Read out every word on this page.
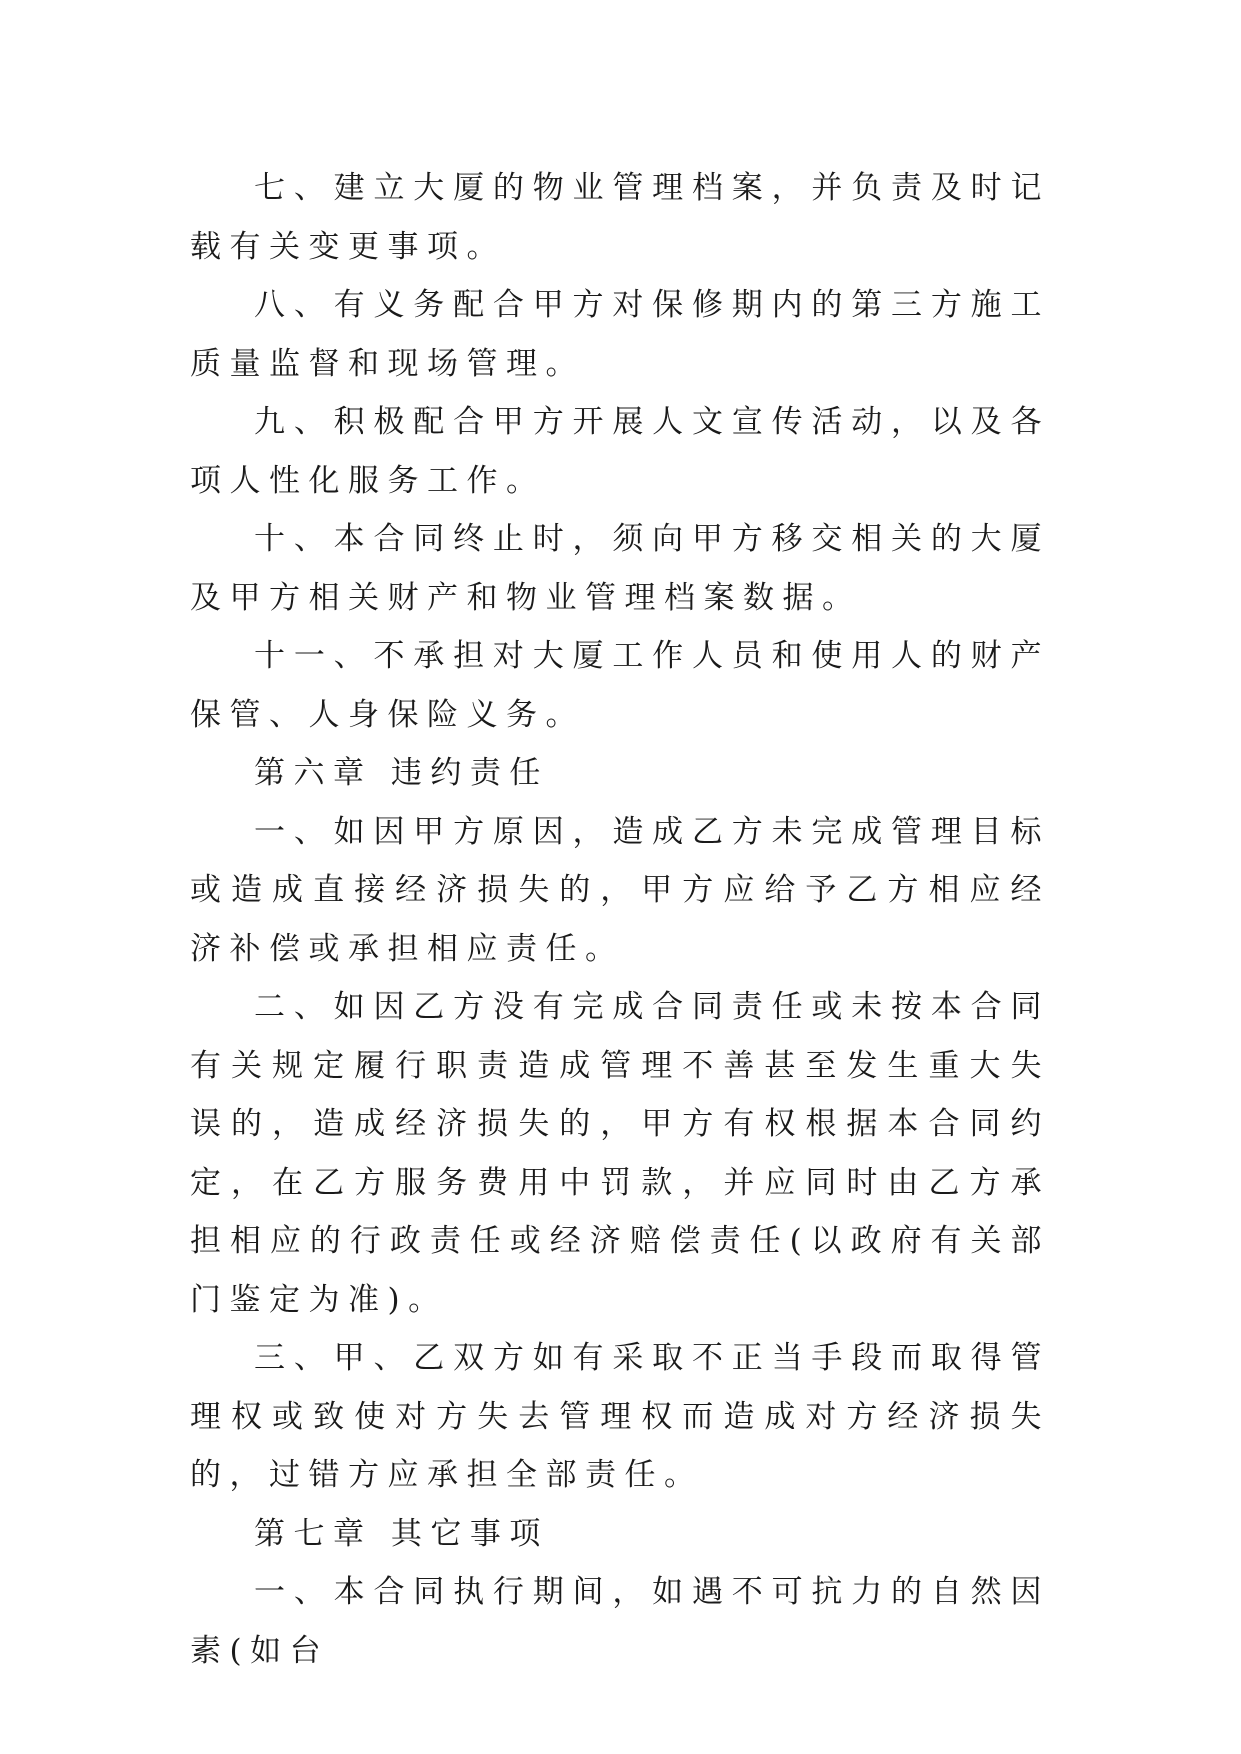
七、建立大厦的物业管理档案，并负责及时记载有关变更事项。

八、有义务配合甲方对保修期内的第三方施工质量监督和现场管理。

九、积极配合甲方开展人文宣传活动，以及各项人性化服务工作。

十、本合同终止时，须向甲方移交相关的大厦及甲方相关财产和物业管理档案数据。

十一、不承担对大厦工作人员和使用人的财产保管、人身保险义务。

第六章 违约责任

一、如因甲方原因，造成乙方未完成管理目标或造成直接经济损失的，甲方应给予乙方相应经济补偿或承担相应责任。

二、如因乙方没有完成合同责任或未按本合同有关规定履行职责造成管理不善甚至发生重大失误的，造成经济损失的，甲方有权根据本合同约定，在乙方服务费用中罚款，并应同时由乙方承担相应的行政责任或经济赔偿责任(以政府有关部门鉴定为准)。

三、甲、乙双方如有采取不正当手段而取得管理权或致使对方失去管理权而造成对方经济损失的，过错方应承担全部责任。

第七章 其它事项

一、本合同执行期间，如遇不可抗力的自然因素(如台
